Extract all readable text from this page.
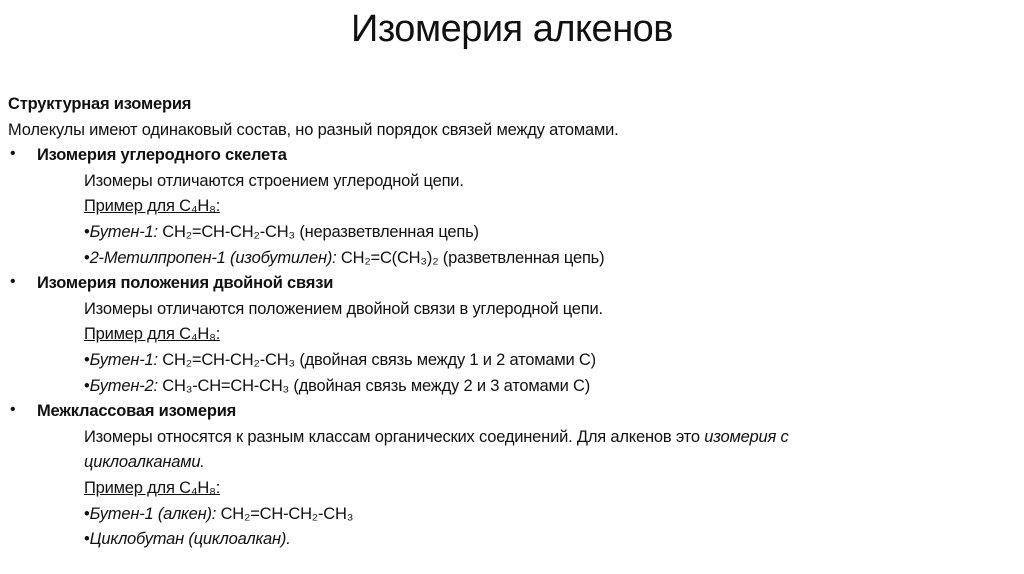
Изомерия алкенов
Структурная изомерия
Молекулы имеют одинаковый состав, но разный порядок связей между атомами.
• Изомерия углеродного скелета
Изомеры отличаются строением углеродной цепи.
Пример для C₄H₈:
•Бутен-1: CH₂=CH-CH₂-CH₃ (неразветвленная цепь)
•2-Метилпропен-1 (изобутилен): CH₂=C(CH₃)₂ (разветвленная цепь)
• Изомерия положения двойной связи
Изомеры отличаются положением двойной связи в углеродной цепи.
Пример для C₄H₈:
•Бутен-1: CH₂=CH-CH₂-CH₃ (двойная связь между 1 и 2 атомами C)
•Бутен-2: CH₃-CH=CH-CH₃ (двойная связь между 2 и 3 атомами C)
• Межклассовая изомерия
Изомеры относятся к разным классам органических соединений. Для алкенов это изомерия с
циклоалканами.
Пример для C₄H₈:
•Бутен-1 (алкен): CH₂=CH-CH₂-CH₃
•Циклобутан (циклоалкан).
